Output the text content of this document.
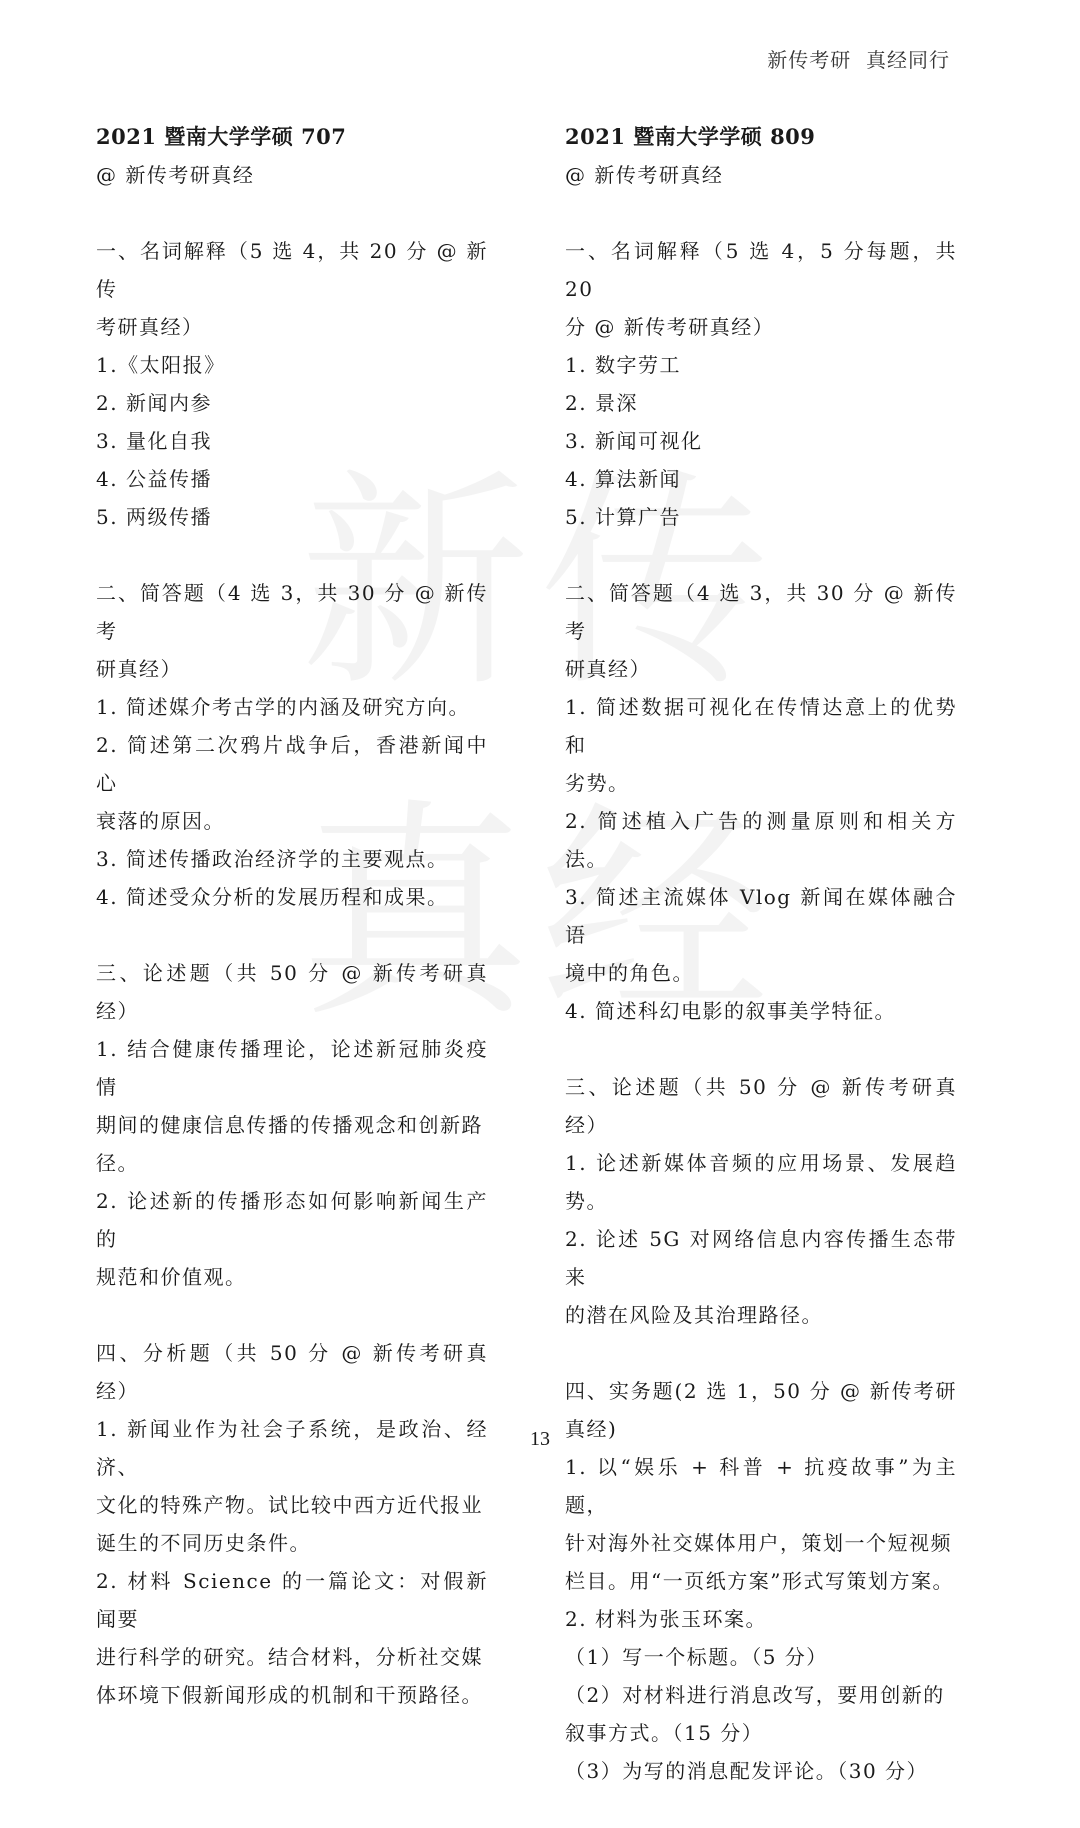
新传考研  真经同行
2021 暨南大学学硕 707
@ 新传考研真经
一、名词解释（5 选 4，共 20 分 @ 新传
考研真经）
1.《太阳报》
2. 新闻内参
3. 量化自我
4. 公益传播
5. 两级传播
二、简答题（4 选 3，共 30 分 @ 新传考
研真经）
1. 简述媒介考古学的内涵及研究方向。
2. 简述第二次鸦片战争后，香港新闻中心
衰落的原因。
3. 简述传播政治经济学的主要观点。
4. 简述受众分析的发展历程和成果。
三、论述题（共 50 分 @ 新传考研真经）
1. 结合健康传播理论，论述新冠肺炎疫情
期间的健康信息传播的传播观念和创新路
径。
2. 论述新的传播形态如何影响新闻生产的
规范和价值观。
四、分析题（共 50 分 @ 新传考研真经）
1. 新闻业作为社会子系统，是政治、经济、
文化的特殊产物。试比较中西方近代报业
诞生的不同历史条件。
2. 材料 Science 的一篇论文：对假新闻要
进行科学的研究。结合材料，分析社交媒
体环境下假新闻形成的机制和干预路径。
2021 暨南大学学硕 809
@ 新传考研真经
一、名词解释（5 选 4，5 分每题，共 20
分 @ 新传考研真经）
1. 数字劳工
2. 景深
3. 新闻可视化
4. 算法新闻
5. 计算广告
二、简答题（4 选 3，共 30 分 @ 新传考
研真经）
1. 简述数据可视化在传情达意上的优势和
劣势。
2. 简述植入广告的测量原则和相关方法。
3. 简述主流媒体 Vlog 新闻在媒体融合语
境中的角色。
4. 简述科幻电影的叙事美学特征。
三、论述题（共 50 分 @ 新传考研真经）
1. 论述新媒体音频的应用场景、发展趋势。
2. 论述 5G 对网络信息内容传播生态带来
的潜在风险及其治理路径。
四、实务题(2 选 1，50 分 @ 新传考研真经)
1. 以“娱乐 + 科普 + 抗疫故事”为主题，
针对海外社交媒体用户，策划一个短视频
栏目。用“一页纸方案”形式写策划方案。
2. 材料为张玉环案。
（1）写一个标题。（5 分）
（2）对材料进行消息改写，要用创新的
叙事方式。（15 分）
（3）为写的消息配发评论。（30 分）
13
